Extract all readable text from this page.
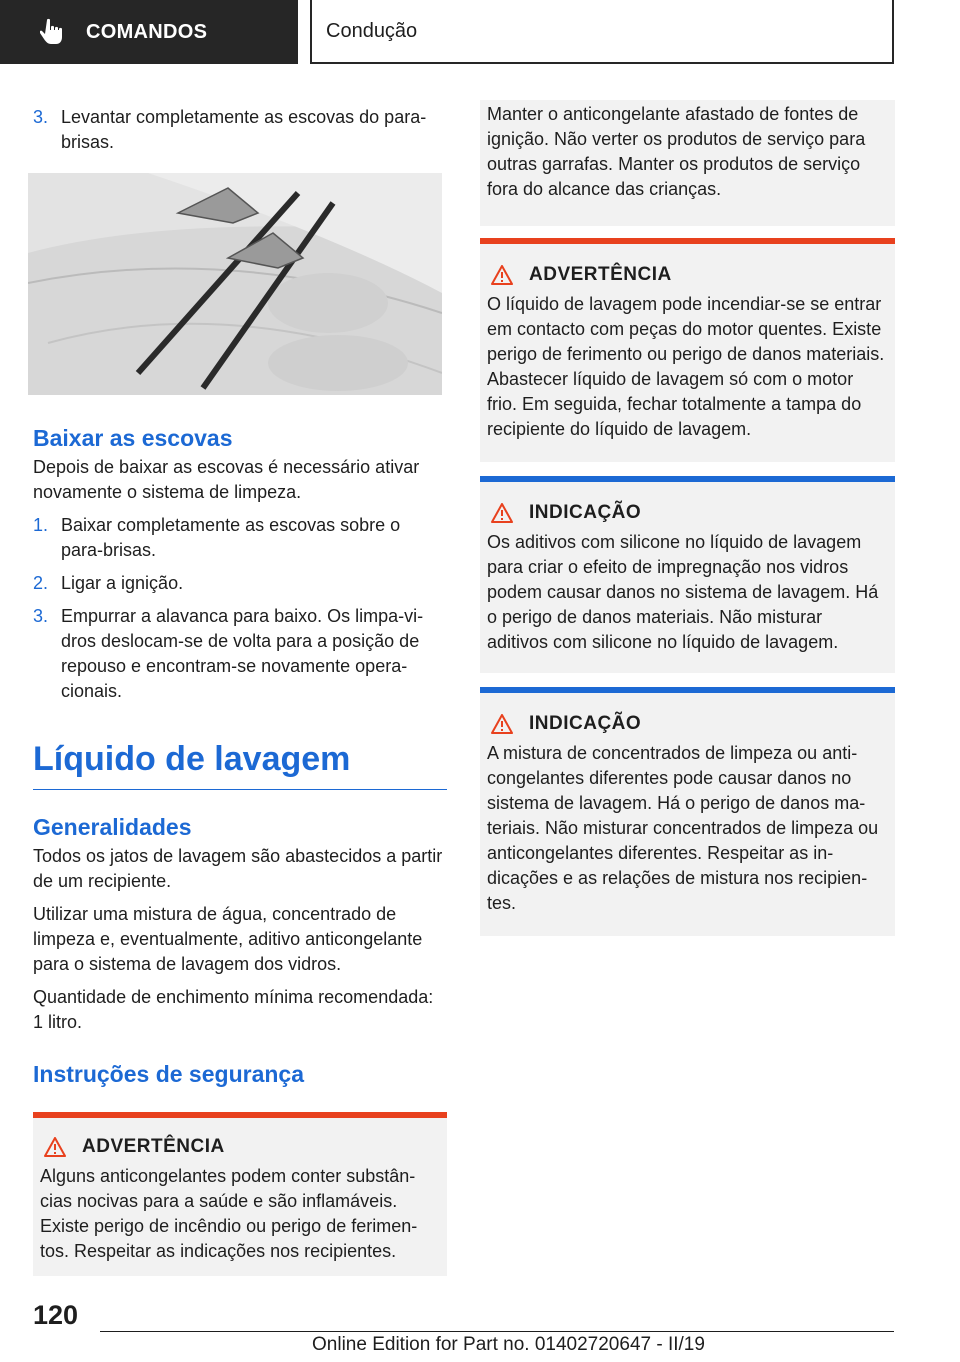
COMANDOS	Condução
3. Levantar completamente as escovas do para-brisas.
Baixar as escovas

Depois de baixar as escovas é necessário ativar novamente o sistema de limpeza.

1. Baixar completamente as escovas sobre o para-brisas.
2. Ligar a ignição.
3. Empurrar a alavanca para baixo. Os limpa-vidros deslocam-se de volta para a posição de repouso e encontram-se novamente operacionais.
Líquido de lavagem
Generalidades

Todos os jatos de lavagem são abastecidos a partir de um recipiente.

Utilizar uma mistura de água, concentrado de limpeza e, eventualmente, aditivo anticongelante para o sistema de lavagem dos vidros.

Quantidade de enchimento mínima recomendada: 1 litro.

Instruções de segurança
ADVERTÊNCIA

Alguns anticongelantes podem conter substâncias nocivas para a saúde e são inflamáveis. Existe perigo de incêndio ou perigo de ferimentos. Respeitar as indicações nos recipientes.

Manter o anticongelante afastado de fontes de ignição. Não verter os produtos de serviço para outras garrafas. Manter os produtos de serviço fora do alcance das crianças.

ADVERTÊNCIA

O líquido de lavagem pode incendiar-se se entrar em contacto com peças do motor quentes. Existe perigo de ferimento ou perigo de danos materiais. Abastecer líquido de lavagem só com o motor frio. Em seguida, fechar totalmente a tampa do recipiente do líquido de lavagem.

INDICAÇÃO

Os aditivos com silicone no líquido de lavagem para criar o efeito de impregnação nos vidros podem causar danos no sistema de lavagem. Há o perigo de danos materiais. Não misturar aditivos com silicone no líquido de lavagem.

INDICAÇÃO

A mistura de concentrados de limpeza ou anticongelantes diferentes pode causar danos no sistema de lavagem. Há o perigo de danos materiais. Não misturar concentrados de limpeza ou anticongelantes diferentes. Respeitar as indicações e as relações de mistura nos recipientes.

120
Online Edition for Part no. 01402720647 - II/19
